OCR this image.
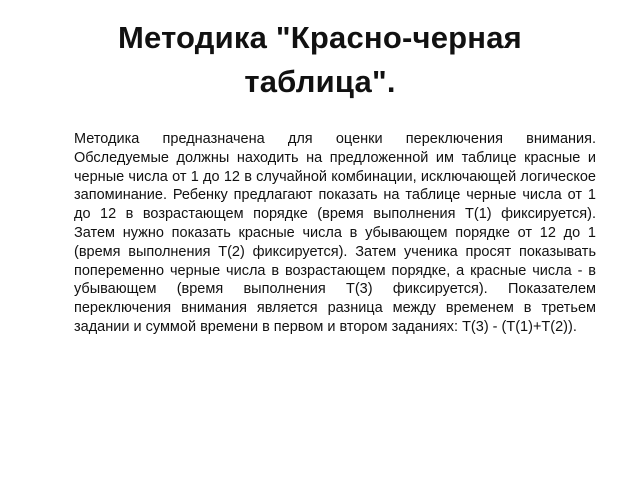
Методика "Красно-черная таблица".

Методика предназначена для оценки переключения внимания. Обследуемые должны находить на предложенной им таблице красные и черные числа от 1 до 12 в случайной комбинации, исключающей логическое запоминание. Ребенку предлагают показать на таблице черные числа от 1 до 12 в возрастающем порядке (время выполнения Т(1) фиксируется). Затем нужно показать красные числа в убывающем порядке от 12 до 1 (время выполнения Т(2) фиксируется). Затем ученика просят показывать попеременно черные числа в возрастающем порядке, а красные числа - в убывающем (время выполнения Т(3) фиксируется). Показателем переключения внимания является разница между временем в третьем задании и суммой времени в первом и втором заданиях: Т(3) - (Т(1)+Т(2)).
